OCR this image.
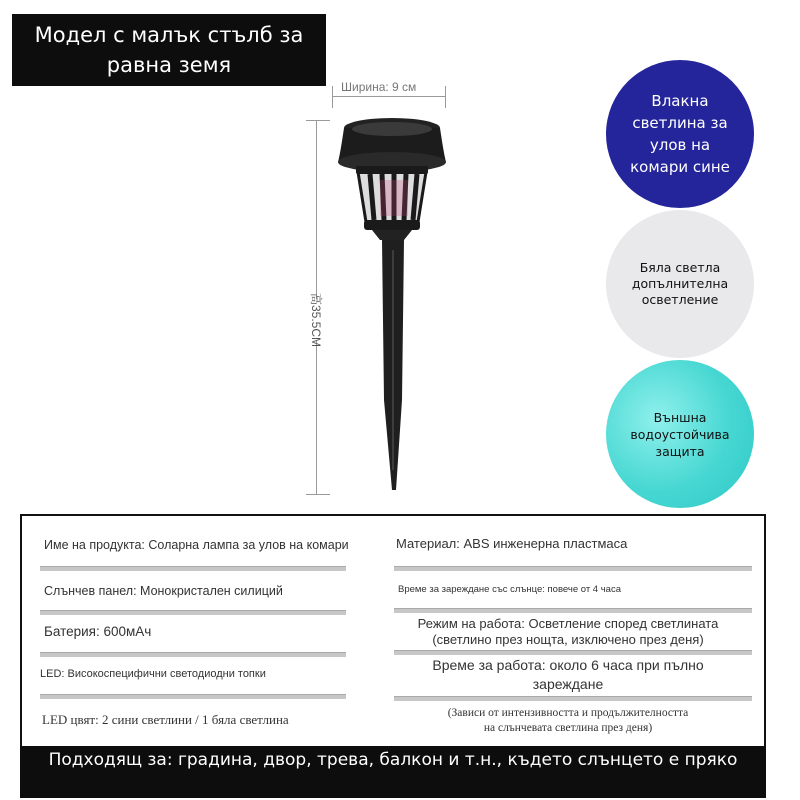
Модел с малък стълб за равна земя
Ширина: 9 см
高35.5CM
Влакна светлина за улов на комари сине
Бяла светла допълнителна осветление
Външна водоустойчива защита
Име на продукта: Соларна лампа за улов на комари
Слънчев панел: Монокристален силиций
Батерия: 600мАч
LED: Високоспецифични светодиодни топки
LED цвят: 2 сини светлини / 1 бяла светлина
Материал: ABS инженерна пластмаса
Време за зареждане със слънце: повече от 4 часа
Режим на работа: Осветление според светлината
(светлино през нощта, изключено през деня)
Време за работа: около 6 часа при пълно
зареждане
(Зависи от интензивността и продължителността
на слънчевата светлина през деня)
Подходящ за: градина, двор, трева, балкон и т.н., където слънцето е пряко
